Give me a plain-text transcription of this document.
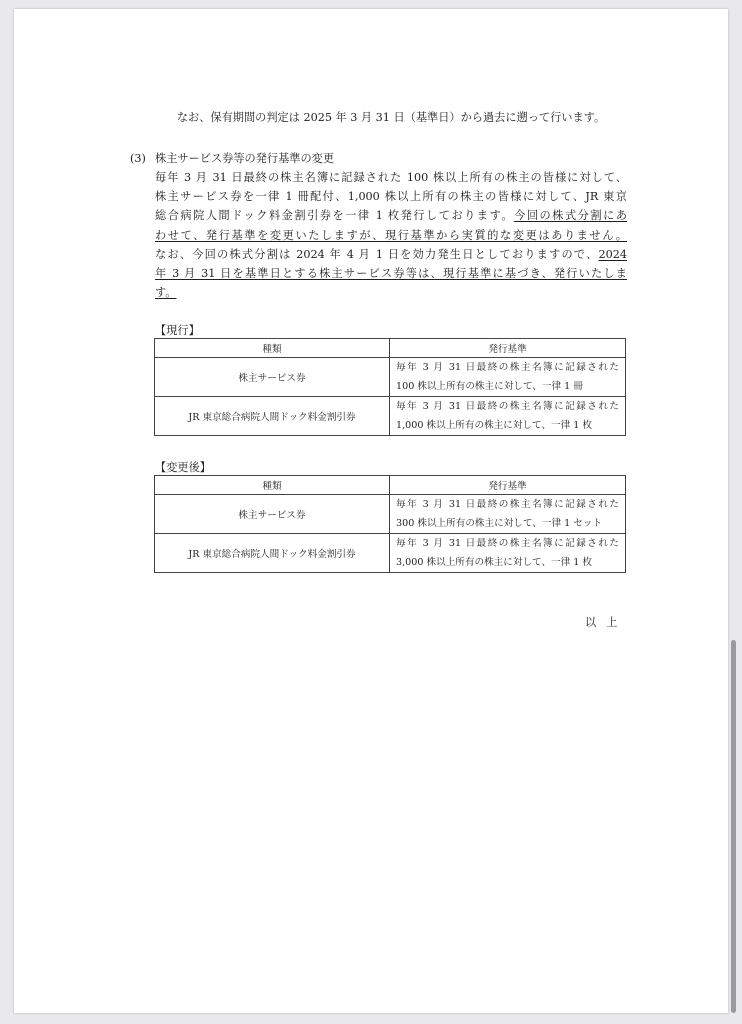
なお、保有期間の判定は 2025 年 3 月 31 日（基準日）から過去に遡って行います。
(3) 株主サービス券等の発行基準の変更
毎年 3 月 31 日最終の株主名簿に記録された 100 株以上所有の株主の皆様に対して、
株主サービス券を一律 1 冊配付、1,000 株以上所有の株主の皆様に対して、JR 東京
総合病院人間ドック料金割引券を一律 1 枚発行しております。今回の株式分割にあ
わせて、発行基準を変更いたしますが、現行基準から実質的な変更はありません。
なお、今回の株式分割は 2024 年 4 月 1 日を効力発生日としておりますので、2024
年 3 月 31 日を基準日とする株主サービス券等は、現行基準に基づき、発行いたしま
す。
【現行】
種類	発行基準
株主サービス券	毎年 3 月 31 日最終の株主名簿に記録された
100 株以上所有の株主に対して、一律 1 冊

JR 東京総合病院人間ドック料金割引券	毎年 3 月 31 日最終の株主名簿に記録された
1,000 株以上所有の株主に対して、一律 1 枚
【変更後】
種類	発行基準
株主サービス券	毎年 3 月 31 日最終の株主名簿に記録された
300 株以上所有の株主に対して、一律 1 セット

JR 東京総合病院人間ドック料金割引券	毎年 3 月 31 日最終の株主名簿に記録された
3,000 株以上所有の株主に対して、一律 1 枚
以上
